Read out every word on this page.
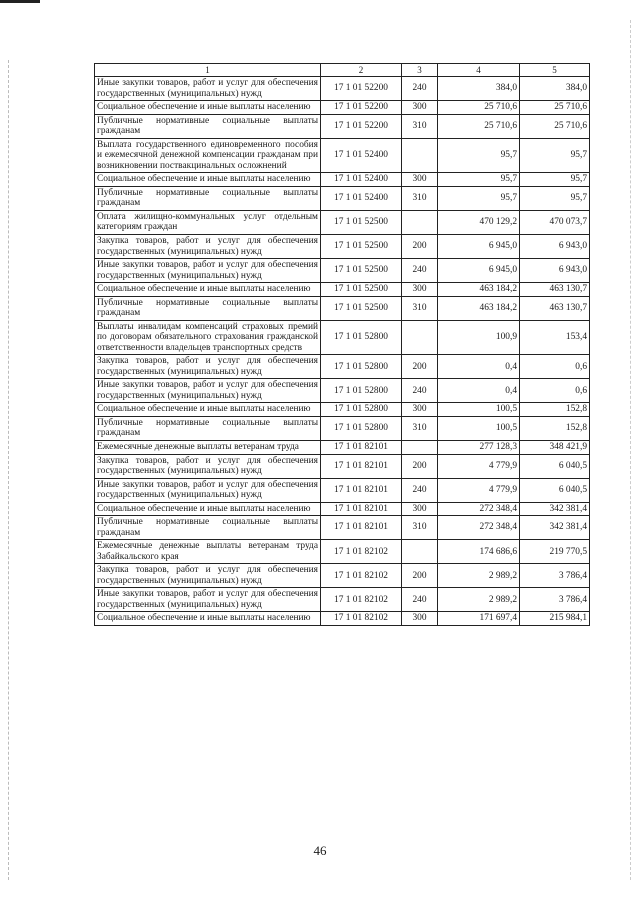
1	2	3	4	5
Иные закупки товаров, работ и услуг для обеспечения государственных (муниципальных) нужд	17 1 01 52200	240	384,0	384,0
Социальное обеспечение и иные выплаты населению	17 1 01 52200	300	25 710,6	25 710,6
Публичные нормативные социальные выплаты гражданам	17 1 01 52200	310	25 710,6	25 710,6
Выплата государственного единовременного пособия и ежемесячной денежной компенсации гражданам при возникновении поствакцинальных осложнений	17 1 01 52400		95,7	95,7
Социальное обеспечение и иные выплаты населению	17 1 01 52400	300	95,7	95,7
Публичные нормативные социальные выплаты гражданам	17 1 01 52400	310	95,7	95,7
Оплата жилищно-коммунальных услуг отдельным категориям граждан	17 1 01 52500		470 129,2	470 073,7
Закупка товаров, работ и услуг для обеспечения государственных (муниципальных) нужд	17 1 01 52500	200	6 945,0	6 943,0
Иные закупки товаров, работ и услуг для обеспечения государственных (муниципальных) нужд	17 1 01 52500	240	6 945,0	6 943,0
Социальное обеспечение и иные выплаты населению	17 1 01 52500	300	463 184,2	463 130,7
Публичные нормативные социальные выплаты гражданам	17 1 01 52500	310	463 184,2	463 130,7
Выплаты инвалидам компенсаций страховых премий по договорам обязательного страхования гражданской ответственности владельцев транспортных средств	17 1 01 52800		100,9	153,4
Закупка товаров, работ и услуг для обеспечения государственных (муниципальных) нужд	17 1 01 52800	200	0,4	0,6
Иные закупки товаров, работ и услуг для обеспечения государственных (муниципальных) нужд	17 1 01 52800	240	0,4	0,6
Социальное обеспечение и иные выплаты населению	17 1 01 52800	300	100,5	152,8
Публичные нормативные социальные выплаты гражданам	17 1 01 52800	310	100,5	152,8
Ежемесячные денежные выплаты ветеранам труда	17 1 01 82101		277 128,3	348 421,9
Закупка товаров, работ и услуг для обеспечения государственных (муниципальных) нужд	17 1 01 82101	200	4 779,9	6 040,5
Иные закупки товаров, работ и услуг для обеспечения государственных (муниципальных) нужд	17 1 01 82101	240	4 779,9	6 040,5
Социальное обеспечение и иные выплаты населению	17 1 01 82101	300	272 348,4	342 381,4
Публичные нормативные социальные выплаты гражданам	17 1 01 82101	310	272 348,4	342 381,4
Ежемесячные денежные выплаты ветеранам труда Забайкальского края	17 1 01 82102		174 686,6	219 770,5
Закупка товаров, работ и услуг для обеспечения государственных (муниципальных) нужд	17 1 01 82102	200	2 989,2	3 786,4
Иные закупки товаров, работ и услуг для обеспечения государственных (муниципальных) нужд	17 1 01 82102	240	2 989,2	3 786,4
Социальное обеспечение и иные выплаты населению	17 1 01 82102	300	171 697,4	215 984,1
46
